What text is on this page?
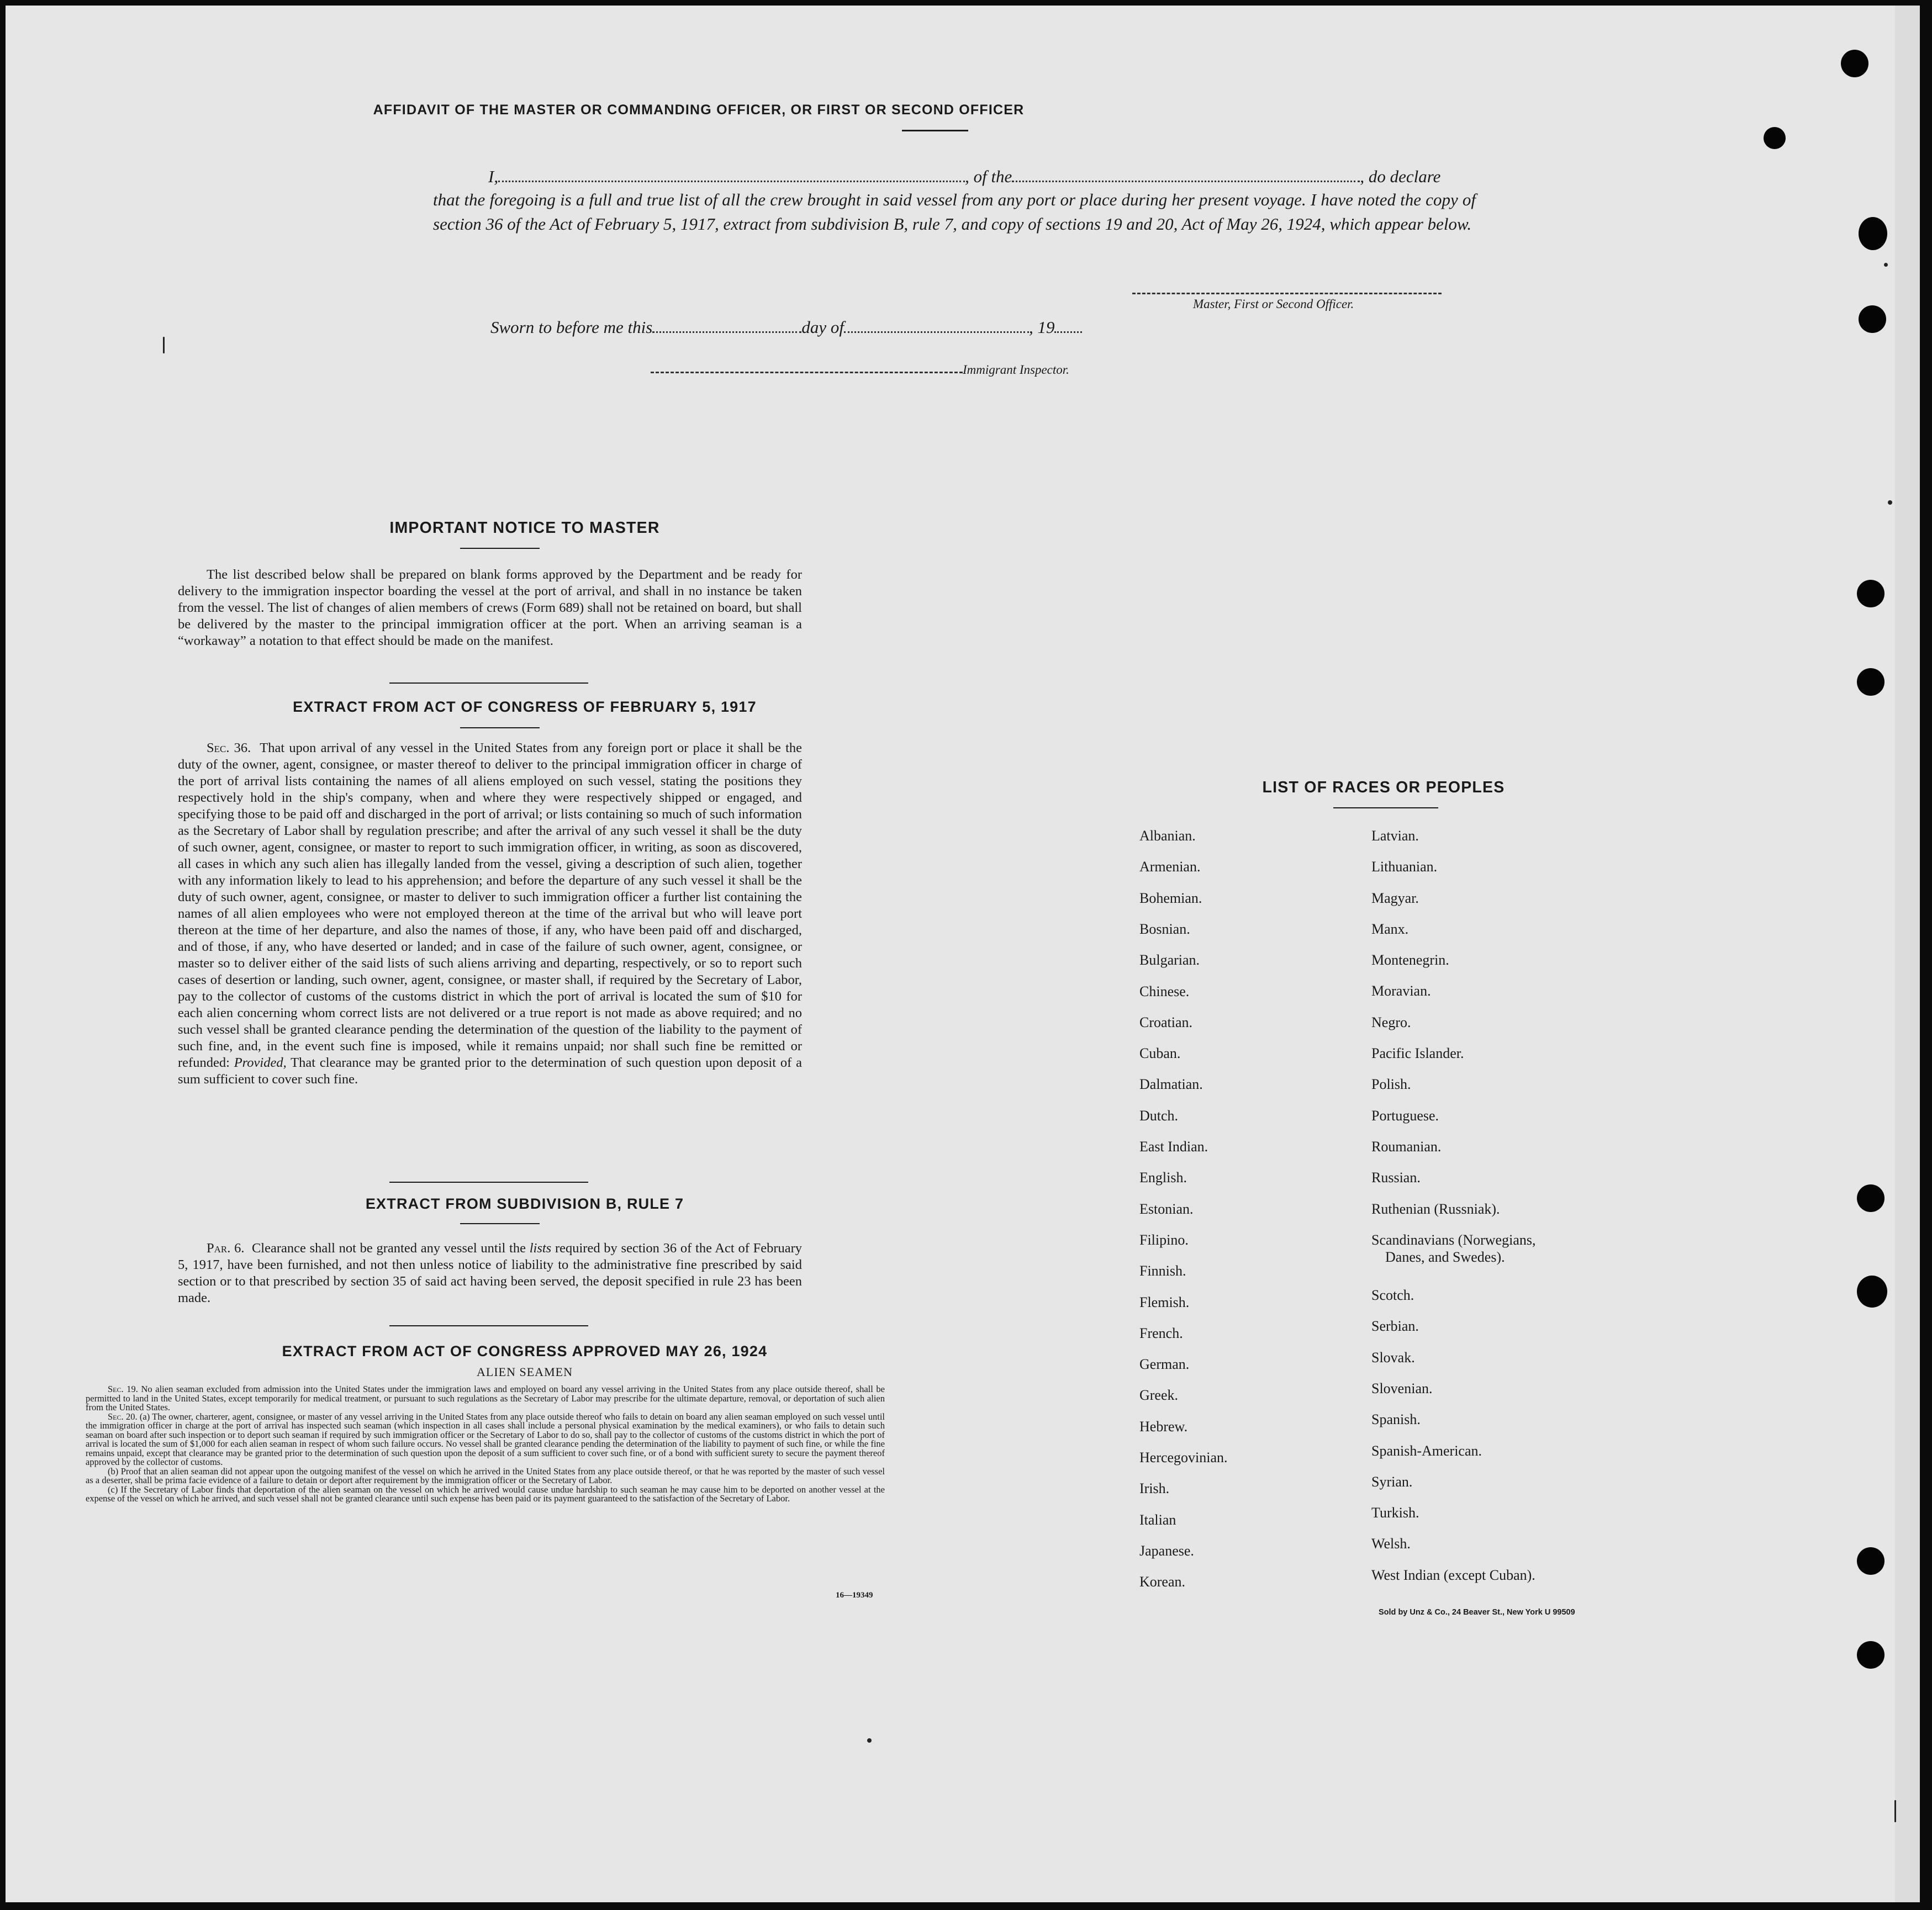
AFFIDAVIT OF THE MASTER OR COMMANDING OFFICER, OR FIRST OR SECOND OFFICER
I,	, of the	, do declare
that the foregoing is a full and true list of all the crew brought in said vessel from any port or place during her present voyage. I have noted the copy of section 36 of the Act of February 5, 1917, extract from subdivision B, rule 7, and copy of sections 19 and 20, Act of May 26, 1924, which appear below.
Master, First or Second Officer.
Sworn to before me this	day of	, 19
Immigrant Inspector.
IMPORTANT NOTICE TO MASTER

The list described below shall be prepared on blank forms approved by the Department and be ready for delivery to the immigration inspector boarding the vessel at the port of arrival, and shall in no instance be taken from the vessel. The list of changes of alien members of crews (Form 689) shall not be retained on board, but shall be delivered by the master to the principal immigration officer at the port. When an arriving seaman is a “workaway” a notation to that effect should be made on the manifest.

EXTRACT FROM ACT OF CONGRESS OF FEBRUARY 5, 1917

Sec. 36. That upon arrival of any vessel in the United States from any foreign port or place it shall be the duty of the owner, agent, consignee, or master thereof to deliver to the principal immigration officer in charge of the port of arrival lists containing the names of all aliens employed on such vessel, stating the positions they respectively hold in the ship's company, when and where they were respectively shipped or engaged, and specifying those to be paid off and discharged in the port of arrival; or lists containing so much of such information as the Secretary of Labor shall by regulation prescribe; and after the arrival of any such vessel it shall be the duty of such owner, agent, consignee, or master to report to such immigration officer, in writing, as soon as discovered, all cases in which any such alien has illegally landed from the vessel, giving a description of such alien, together with any information likely to lead to his apprehension; and before the departure of any such vessel it shall be the duty of such owner, agent, consignee, or master to deliver to such immigration officer a further list containing the names of all alien employees who were not employed thereon at the time of the arrival but who will leave port thereon at the time of her departure, and also the names of those, if any, who have been paid off and discharged, and of those, if any, who have deserted or landed; and in case of the failure of such owner, agent, consignee, or master so to deliver either of the said lists of such aliens arriving and departing, respectively, or so to report such cases of desertion or landing, such owner, agent, consignee, or master shall, if required by the Secretary of Labor, pay to the collector of customs of the customs district in which the port of arrival is located the sum of $10 for each alien concerning whom correct lists are not delivered or a true report is not made as above required; and no such vessel shall be granted clearance pending the determination of the question of the liability to the payment of such fine, and, in the event such fine is imposed, while it remains unpaid; nor shall such fine be remitted or refunded: Provided, That clearance may be granted prior to the determination of such question upon deposit of a sum sufficient to cover such fine.

EXTRACT FROM SUBDIVISION B, RULE 7

Par. 6. Clearance shall not be granted any vessel until the lists required by section 36 of the Act of February 5, 1917, have been furnished, and not then unless notice of liability to the administrative fine prescribed by said section or to that prescribed by section 35 of said act having been served, the deposit specified in rule 23 has been made.

EXTRACT FROM ACT OF CONGRESS APPROVED MAY 26, 1924
ALIEN SEAMEN

Sec. 19. No alien seaman excluded from admission into the United States under the immigration laws and employed on board any vessel arriving in the United States from any place outside thereof, shall be permitted to land in the United States, except temporarily for medical treatment, or pursuant to such regulations as the Secretary of Labor may prescribe for the ultimate departure, removal, or deportation of such alien from the United States.

Sec. 20. (a) The owner, charterer, agent, consignee, or master of any vessel arriving in the United States from any place outside thereof who fails to detain on board any alien seaman employed on such vessel until the immigration officer in charge at the port of arrival has inspected such seaman (which inspection in all cases shall include a personal physical examination by the medical examiners), or who fails to detain such seaman on board after such inspection or to deport such seaman if required by such immigration officer or the Secretary of Labor to do so, shall pay to the collector of customs of the customs district in which the port of arrival is located the sum of $1,000 for each alien seaman in respect of whom such failure occurs. No vessel shall be granted clearance pending the determination of the liability to payment of such fine, or while the fine remains unpaid, except that clearance may be granted prior to the determination of such question upon the deposit of a sum sufficient to cover such fine, or of a bond with sufficient surety to secure the payment thereof approved by the collector of customs.

(b) Proof that an alien seaman did not appear upon the outgoing manifest of the vessel on which he arrived in the United States from any place outside thereof, or that he was reported by the master of such vessel as a deserter, shall be prima facie evidence of a failure to detain or deport after requirement by the immigration officer or the Secretary of Labor.

(c) If the Secretary of Labor finds that deportation of the alien seaman on the vessel on which he arrived would cause undue hardship to such seaman he may cause him to be deported on another vessel at the expense of the vessel on which he arrived, and such vessel shall not be granted clearance until such expense has been paid or its payment guaranteed to the satisfaction of the Secretary of Labor.

16—19349
LIST OF RACES OR PEOPLES
Sold by Unz & Co., 24 Beaver St., New York U 99509
Albanian.
Armenian.
Bohemian.
Bosnian.
Bulgarian.
Chinese.
Croatian.
Cuban.
Dalmatian.
Dutch.
East Indian.
English.
Estonian.
Filipino.
Finnish.
Flemish.
French.
German.
Greek.
Hebrew.
Hercegovinian.
Irish.
Italian
Japanese.
Korean.
Latvian.
Lithuanian.
Magyar.
Manx.
Montenegrin.
Moravian.
Negro.
Pacific Islander.
Polish.
Portuguese.
Roumanian.
Russian.
Ruthenian (Russniak).
Scandinavians (Norwegians,
Danes, and Swedes).
Scotch.
Serbian.
Slovak.
Slovenian.
Spanish.
Spanish-American.
Syrian.
Turkish.
Welsh.
West Indian (except Cuban).
